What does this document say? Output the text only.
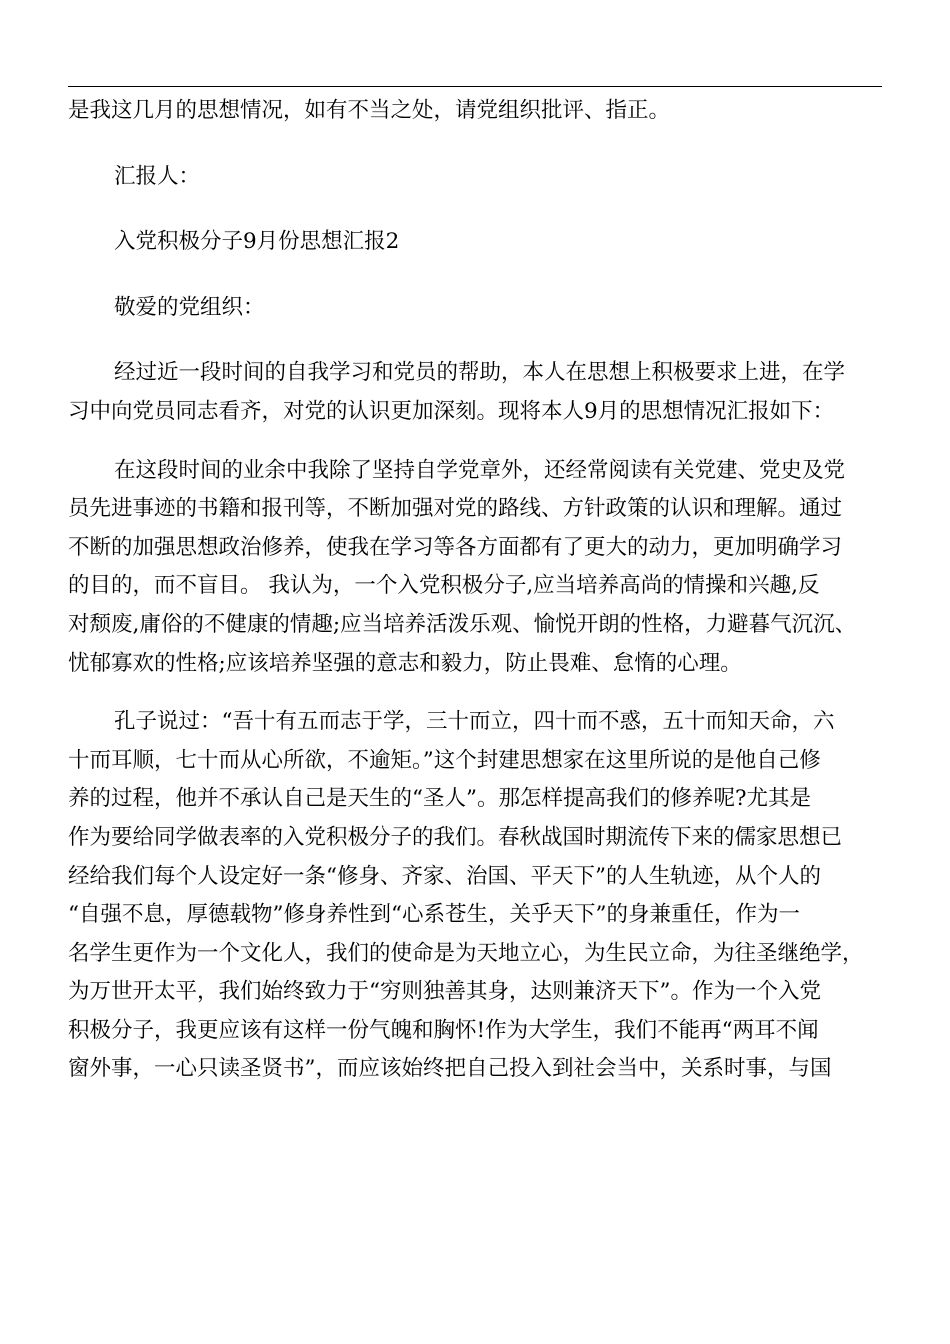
是我这几月的思想情况，如有不当之处，请党组织批评、指正。
汇报人：
入党积极分子9月份思想汇报2
敬爱的党组织：
经过近一段时间的自我学习和党员的帮助，本人在思想上积极要求上进，在学
习中向党员同志看齐，对党的认识更加深刻。现将本人9月的思想情况汇报如下：
在这段时间的业余中我除了坚持自学党章外，还经常阅读有关党建、党史及党
员先进事迹的书籍和报刊等，不断加强对党的路线、方针政策的认识和理解。通过
不断的加强思想政治修养，使我在学习等各方面都有了更大的动力，更加明确学习
的目的，而不盲目。 我认为，一个入党积极分子,应当培养高尚的情操和兴趣,反
对颓废,庸俗的不健康的情趣;应当培养活泼乐观、愉悦开朗的性格，力避暮气沉沉、
忧郁寡欢的性格;应该培养坚强的意志和毅力，防止畏难、怠惰的心理。
孔子说过：“吾十有五而志于学，三十而立，四十而不惑，五十而知天命，六
十而耳顺，七十而从心所欲，不逾矩。”这个封建思想家在这里所说的是他自己修
养的过程，他并不承认自己是天生的“圣人”。那怎样提高我们的修养呢?尤其是
作为要给同学做表率的入党积极分子的我们。春秋战国时期流传下来的儒家思想已
经给我们每个人设定好一条“修身、齐家、治国、平天下”的人生轨迹，从个人的
“自强不息，厚德载物”修身养性到“心系苍生，关乎天下”的身兼重任，作为一
名学生更作为一个文化人，我们的使命是为天地立心，为生民立命，为往圣继绝学，
为万世开太平，我们始终致力于“穷则独善其身，达则兼济天下”。作为一个入党
积极分子，我更应该有这样一份气魄和胸怀!作为大学生，我们不能再“两耳不闻
窗外事，一心只读圣贤书”，而应该始终把自己投入到社会当中，关系时事，与国
